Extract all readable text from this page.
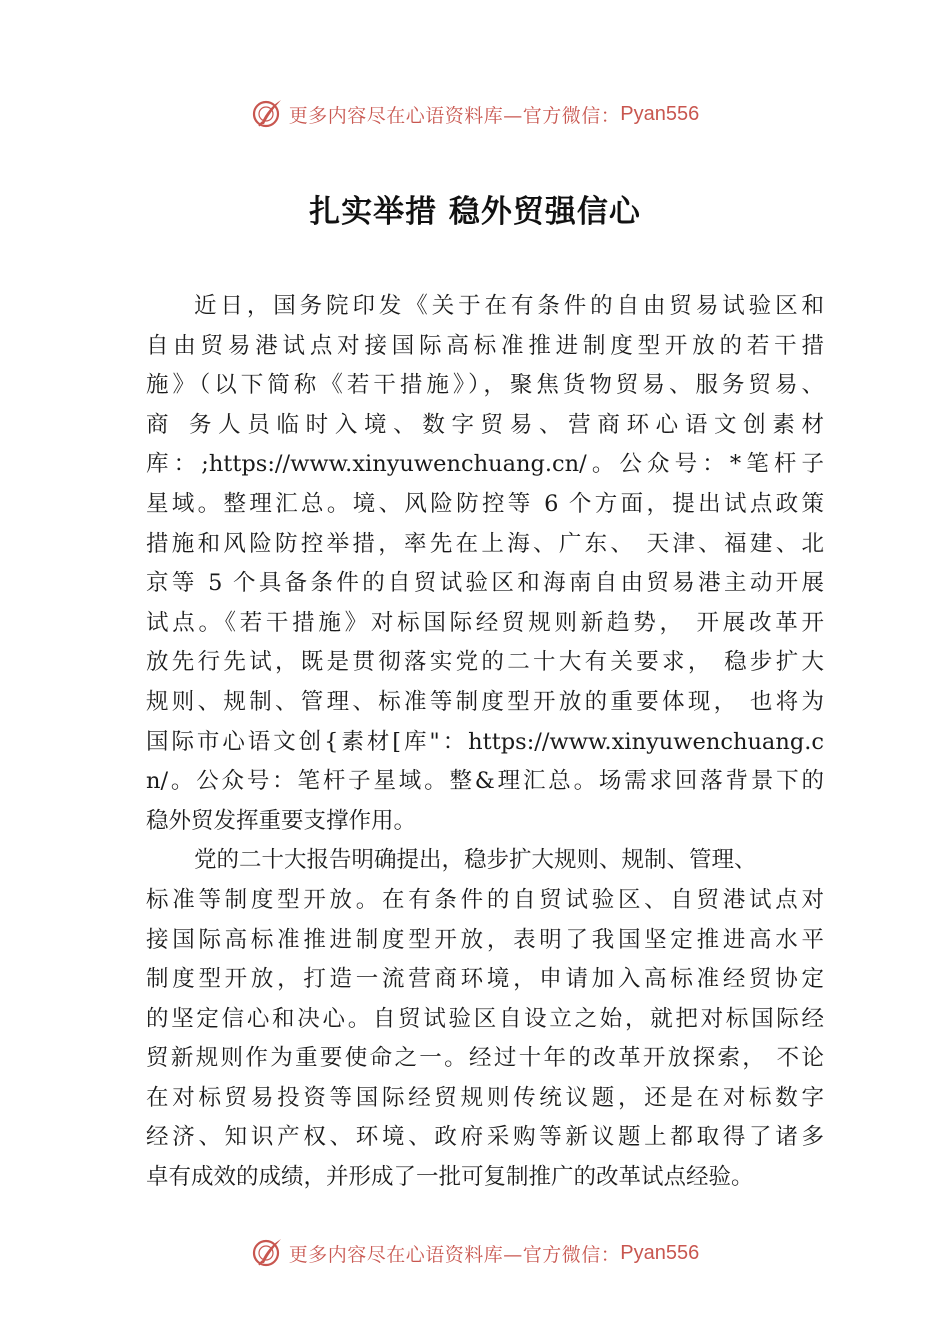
更多内容尽在心语资料库—官方微信： Pyan556
扎实举措 稳外贸强信心
近日，国务院印发《关于在有条件的自由贸易试验区和
自由贸易港试点对接国际高标准推进制度型开放的若干措
施》（以下简称《若干措施》），聚焦货物贸易、服务贸易、
商 务人员临时入境、数字贸易、营商环心语文创素材
库：;https://www.xinyuwenchuang.cn/。公众号：*笔杆子
星域。整理汇总。境、风险防控等 6 个方面，提出试点政策
措施和风险防控举措，率先在上海、广东、 天津、福建、北
京等 5 个具备条件的自贸试验区和海南自由贸易港主动开展
试点。《若干措施》对标国际经贸规则新趋势， 开展改革开
放先行先试，既是贯彻落实党的二十大有关要求， 稳步扩大
规则、规制、管理、标准等制度型开放的重要体现， 也将为
国际市心语文创{素材[库"：https://www.xinyuwenchuang.c
n/。公众号：笔杆子星域。整&理汇总。场需求回落背景下的
稳外贸发挥重要支撑作用。
党的二十大报告明确提出，稳步扩大规则、规制、管理、
标准等制度型开放。在有条件的自贸试验区、自贸港试点对
接国际高标准推进制度型开放，表明了我国坚定推进高水平
制度型开放，打造一流营商环境，申请加入高标准经贸协定
的坚定信心和决心。自贸试验区自设立之始，就把对标国际经
贸新规则作为重要使命之一。经过十年的改革开放探索， 不论
在对标贸易投资等国际经贸规则传统议题，还是在对标数字
经济、知识产权、环境、政府采购等新议题上都取得了诸多
卓有成效的成绩，并形成了一批可复制推广的改革试点经验。
更多内容尽在心语资料库—官方微信： Pyan556
